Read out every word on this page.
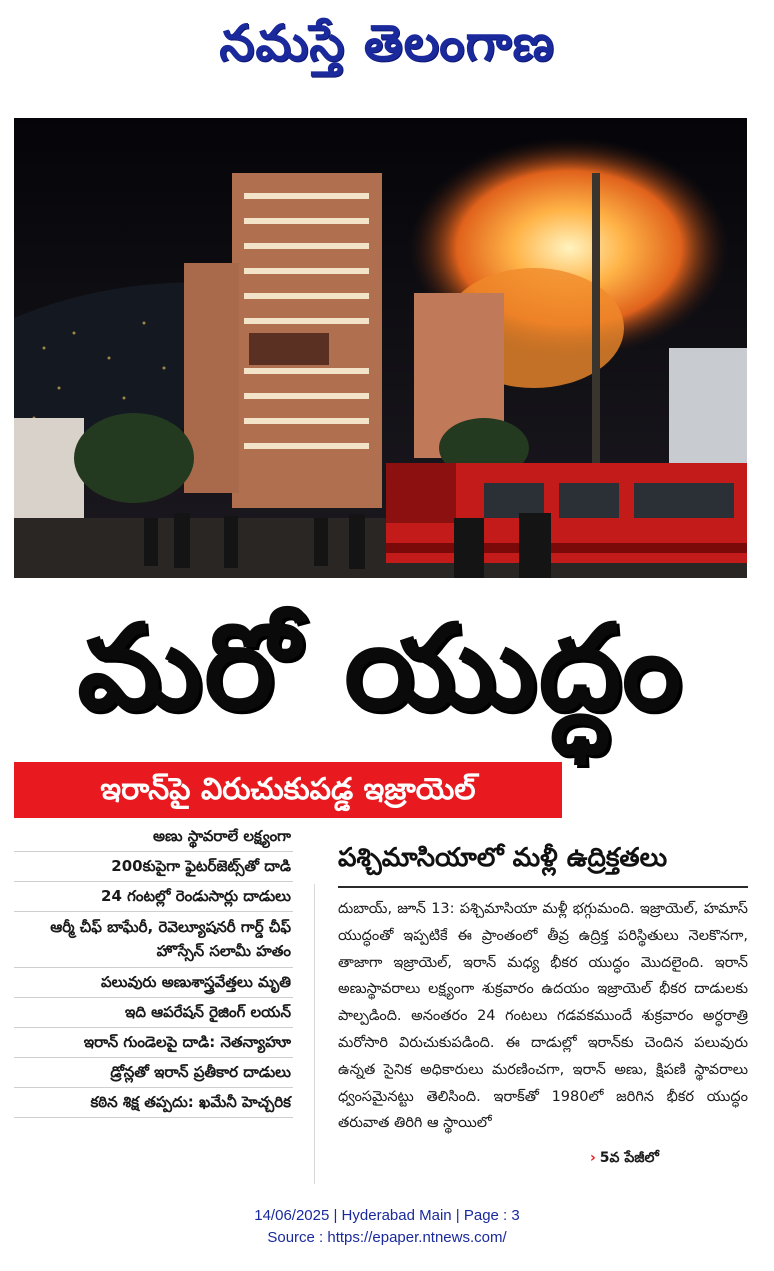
నమస్తే తెలంగాణ
మరో యుద్ధం
ఇరాన్‌పై విరుచుకుపడ్డ ఇజ్రాయెల్
అణు స్థావరాలే లక్ష్యంగా
200కుపైగా ఫైటర్‌జెట్స్‌తో దాడి
24 గంటల్లో రెండుసార్లు దాడులు
ఆర్మీ చీఫ్ బాఘేరీ, రెవెల్యూషనరీ గార్డ్ చీఫ్ హొస్సేన్ సలామీ హతం
పలువురు అణుశాస్త్రవేత్తలు మృతి
ఇది ఆపరేషన్ రైజింగ్ లయన్
ఇరాన్ గుండెలపై దాడి: నెతన్యాహూ
డ్రోన్లతో ఇరాన్ ప్రతీకార దాడులు
కఠిన శిక్ష తప్పదు: ఖమేనీ హెచ్చరిక
పశ్చిమాసియాలో మళ్లీ ఉద్రిక్తతలు
దుబాయ్, జూన్ 13: పశ్చిమాసియా మళ్లీ భగ్గుమంది. ఇజ్రాయెల్, హమాస్ యుద్ధంతో ఇప్పటికే ఈ ప్రాంతంలో తీవ్ర ఉద్రిక్త పరిస్థితులు నెలకొనగా, తాజాగా ఇజ్రాయెల్, ఇరాన్ మధ్య భీకర యుద్ధం మొదలైంది. ఇరాన్ అణుస్థావరాలు లక్ష్యంగా శుక్రవారం ఉదయం ఇజ్రాయెల్ భీకర దాడులకు పాల్పడింది. అనంతరం 24 గంటలు గడవకముందే శుక్రవారం అర్ధరాత్రి మరోసారి విరుచుకుపడింది. ఈ దాడుల్లో ఇరాన్‌కు చెందిన పలువురు ఉన్నత సైనిక అధికారులు మరణించగా, ఇరాన్ అణు, క్షిపణి స్థావరాలు ధ్వంసమైనట్టు తెలిసింది. ఇరాక్‌తో 1980లో జరిగిన భీకర యుద్ధం తరువాత తిరిగి ఆ స్థాయిలో
› 5వ పేజీలో
14/06/2025 | Hyderabad Main | Page : 3
Source : https://epaper.ntnews.com/
